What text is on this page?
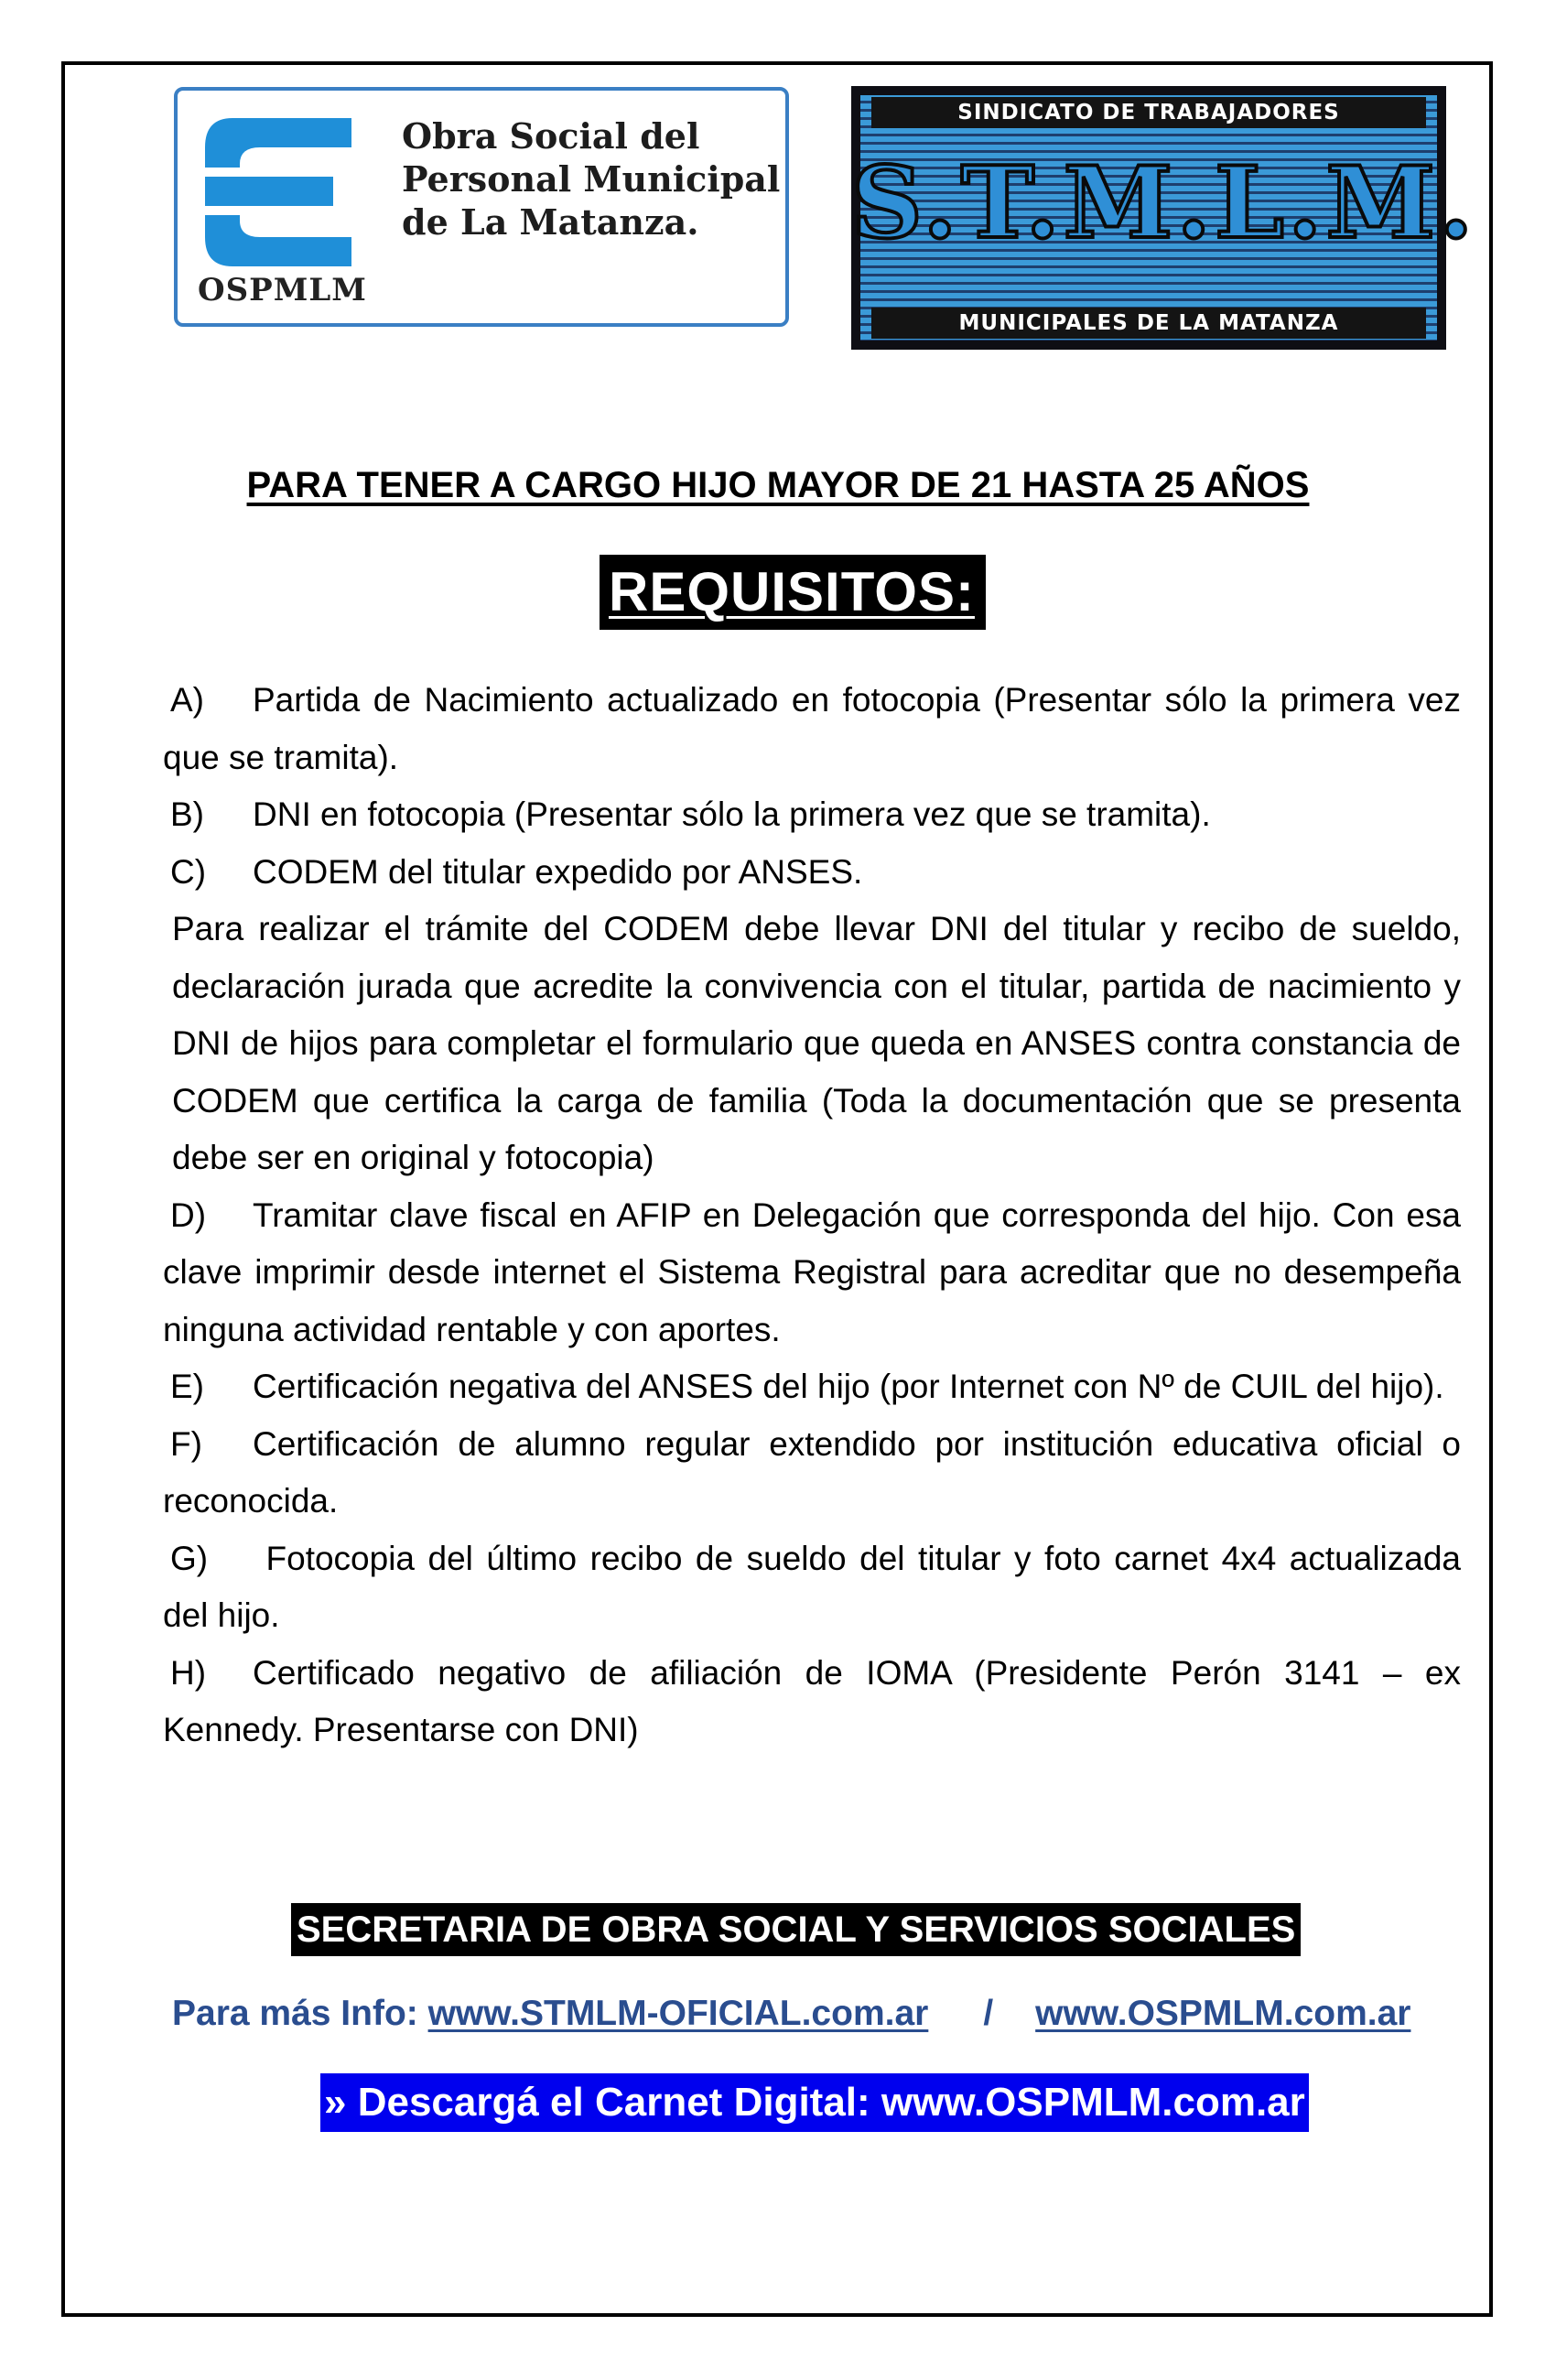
OSPMLM
Obra Social del
Personal Municipal
de La Matanza.
SINDICATO DE TRABAJADORES
S.T.M.L.M.
MUNICIPALES DE LA MATANZA
PARA TENER A CARGO HIJO MAYOR DE 21 HASTA 25 AÑOS
REQUISITOS:
A) Partida de Nacimiento actualizado en fotocopia (Presentar sólo la primera vez que se tramita).
B) DNI en fotocopia (Presentar sólo la primera vez que se tramita).
C) CODEM del titular expedido por ANSES.
Para realizar el trámite del CODEM debe llevar DNI del titular y recibo de sueldo, declaración jurada que acredite la convivencia con el titular, partida de nacimiento y DNI de hijos para completar el formulario que queda en ANSES contra constancia de CODEM que certifica la carga de familia (Toda la documentación que se presenta debe ser en original y fotocopia)
D) Tramitar clave fiscal en AFIP en Delegación que corresponda del hijo. Con esa clave imprimir desde internet el Sistema Registral para acreditar que no desempeña ninguna actividad rentable y con aportes.
E) Certificación negativa del ANSES del hijo (por Internet con Nº de CUIL del hijo).
F) Certificación de alumno regular extendido por institución educativa oficial o reconocida.
G) Fotocopia del último recibo de sueldo del titular y foto carnet 4x4 actualizada del hijo.
H) Certificado negativo de afiliación de IOMA (Presidente Perón 3141 – ex Kennedy. Presentarse con DNI)
SECRETARIA DE OBRA SOCIAL Y SERVICIOS SOCIALES
Para más Info: www.STMLM-OFICIAL.com.ar / www.OSPMLM.com.ar
» Descargá el Carnet Digital: www.OSPMLM.com.ar
